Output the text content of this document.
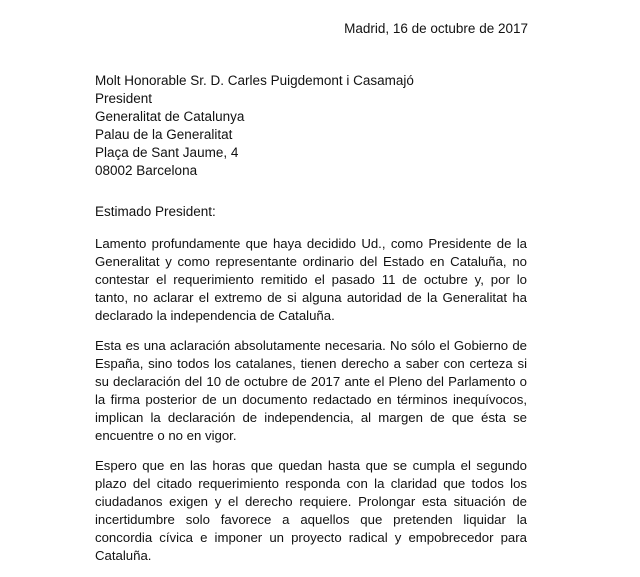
Madrid, 16 de octubre de 2017
Molt Honorable Sr. D. Carles Puigdemont i Casamajó
President
Generalitat de Catalunya
Palau de la Generalitat
Plaça de Sant Jaume, 4
08002 Barcelona
Estimado President:

Lamento profundamente que haya decidido Ud., como Presidente de la Generalitat y como representante ordinario del Estado en Cataluña, no contestar el requerimiento remitido el pasado 11 de octubre y, por lo tanto, no aclarar el extremo de si alguna autoridad de la Generalitat ha declarado la independencia de Cataluña.

Esta es una aclaración absolutamente necesaria. No sólo el Gobierno de España, sino todos los catalanes, tienen derecho a saber con certeza si su declaración del 10 de octubre de 2017 ante el Pleno del Parlamento o la firma posterior de un documento redactado en términos inequívocos, implican la declaración de independencia, al margen de que ésta se encuentre o no en vigor.

Espero que en las horas que quedan hasta que se cumpla el segundo plazo del citado requerimiento responda con la claridad que todos los ciudadanos exigen y el derecho requiere. Prolongar esta situación de incertidumbre solo favorece a aquellos que pretenden liquidar la concordia cívica e imponer un proyecto radical y empobrecedor para Cataluña.
